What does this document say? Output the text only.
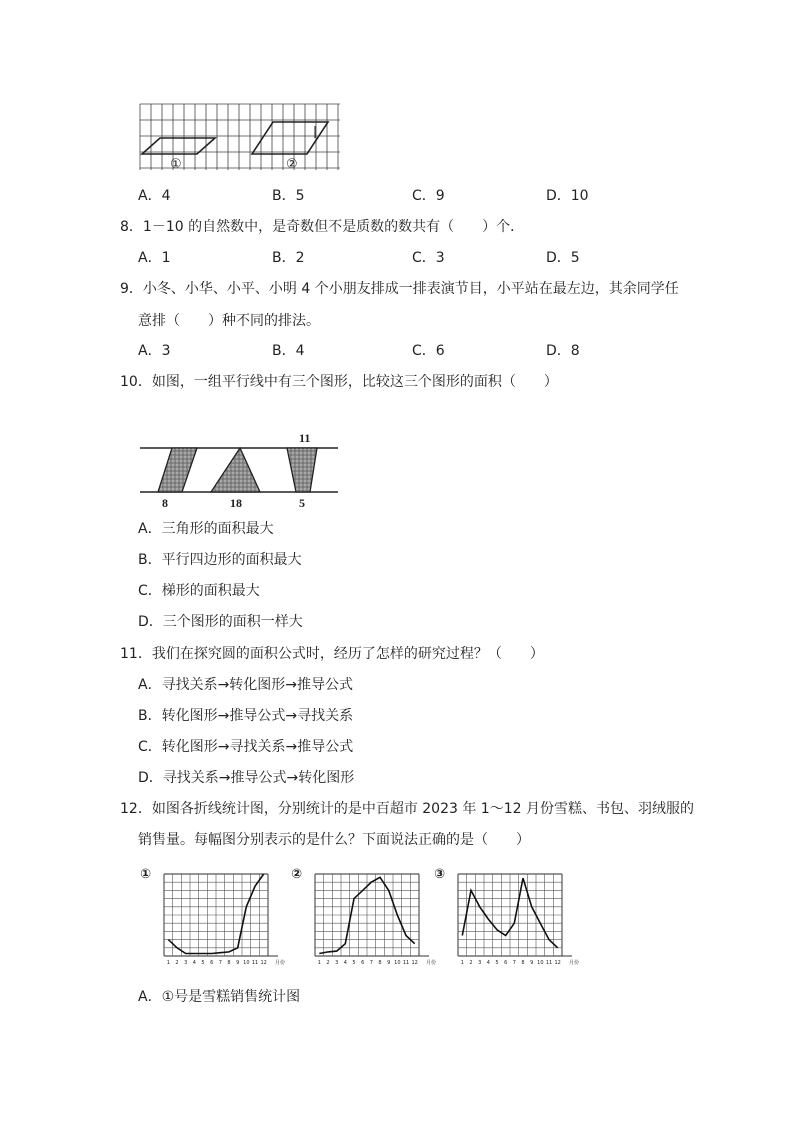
①	②
A．4	B．5	C．9	D．10
8．1－10 的自然数中，是奇数但不是质数的数共有（　　）个．
A．1	B．2	C．3	D．5
9．小冬、小华、小平、小明 4 个小朋友排成一排表演节目，小平站在最左边，其余同学任
意排（　　）种不同的排法。
A．3	B．4	C．6	D．8
10．如图，一组平行线中有三个图形，比较这三个图形的面积（　　）
11
8	18	5
A．三角形的面积最大
B．平行四边形的面积最大
C．梯形的面积最大
D．三个图形的面积一样大
11．我们在探究圆的面积公式时，经历了怎样的研究过程？（　　）
A．寻找关系→转化图形→推导公式
B．转化图形→推导公式→寻找关系
C．转化图形→寻找关系→推导公式
D．寻找关系→推导公式→转化图形
12．如图各折线统计图，分别统计的是中百超市 2023 年 1～12 月份雪糕、书包、羽绒服的
销售量。每幅图分别表示的是什么？下面说法正确的是（　　）
①
1 2 3 4 5 6 7 8 9 10 11 12 月份
②
1 2 3 4 5 6 7 8 9 10 11 12 月份
③
1 2 3 4 5 6 7 8 9 10 11 12 月份
A．①号是雪糕销售统计图
